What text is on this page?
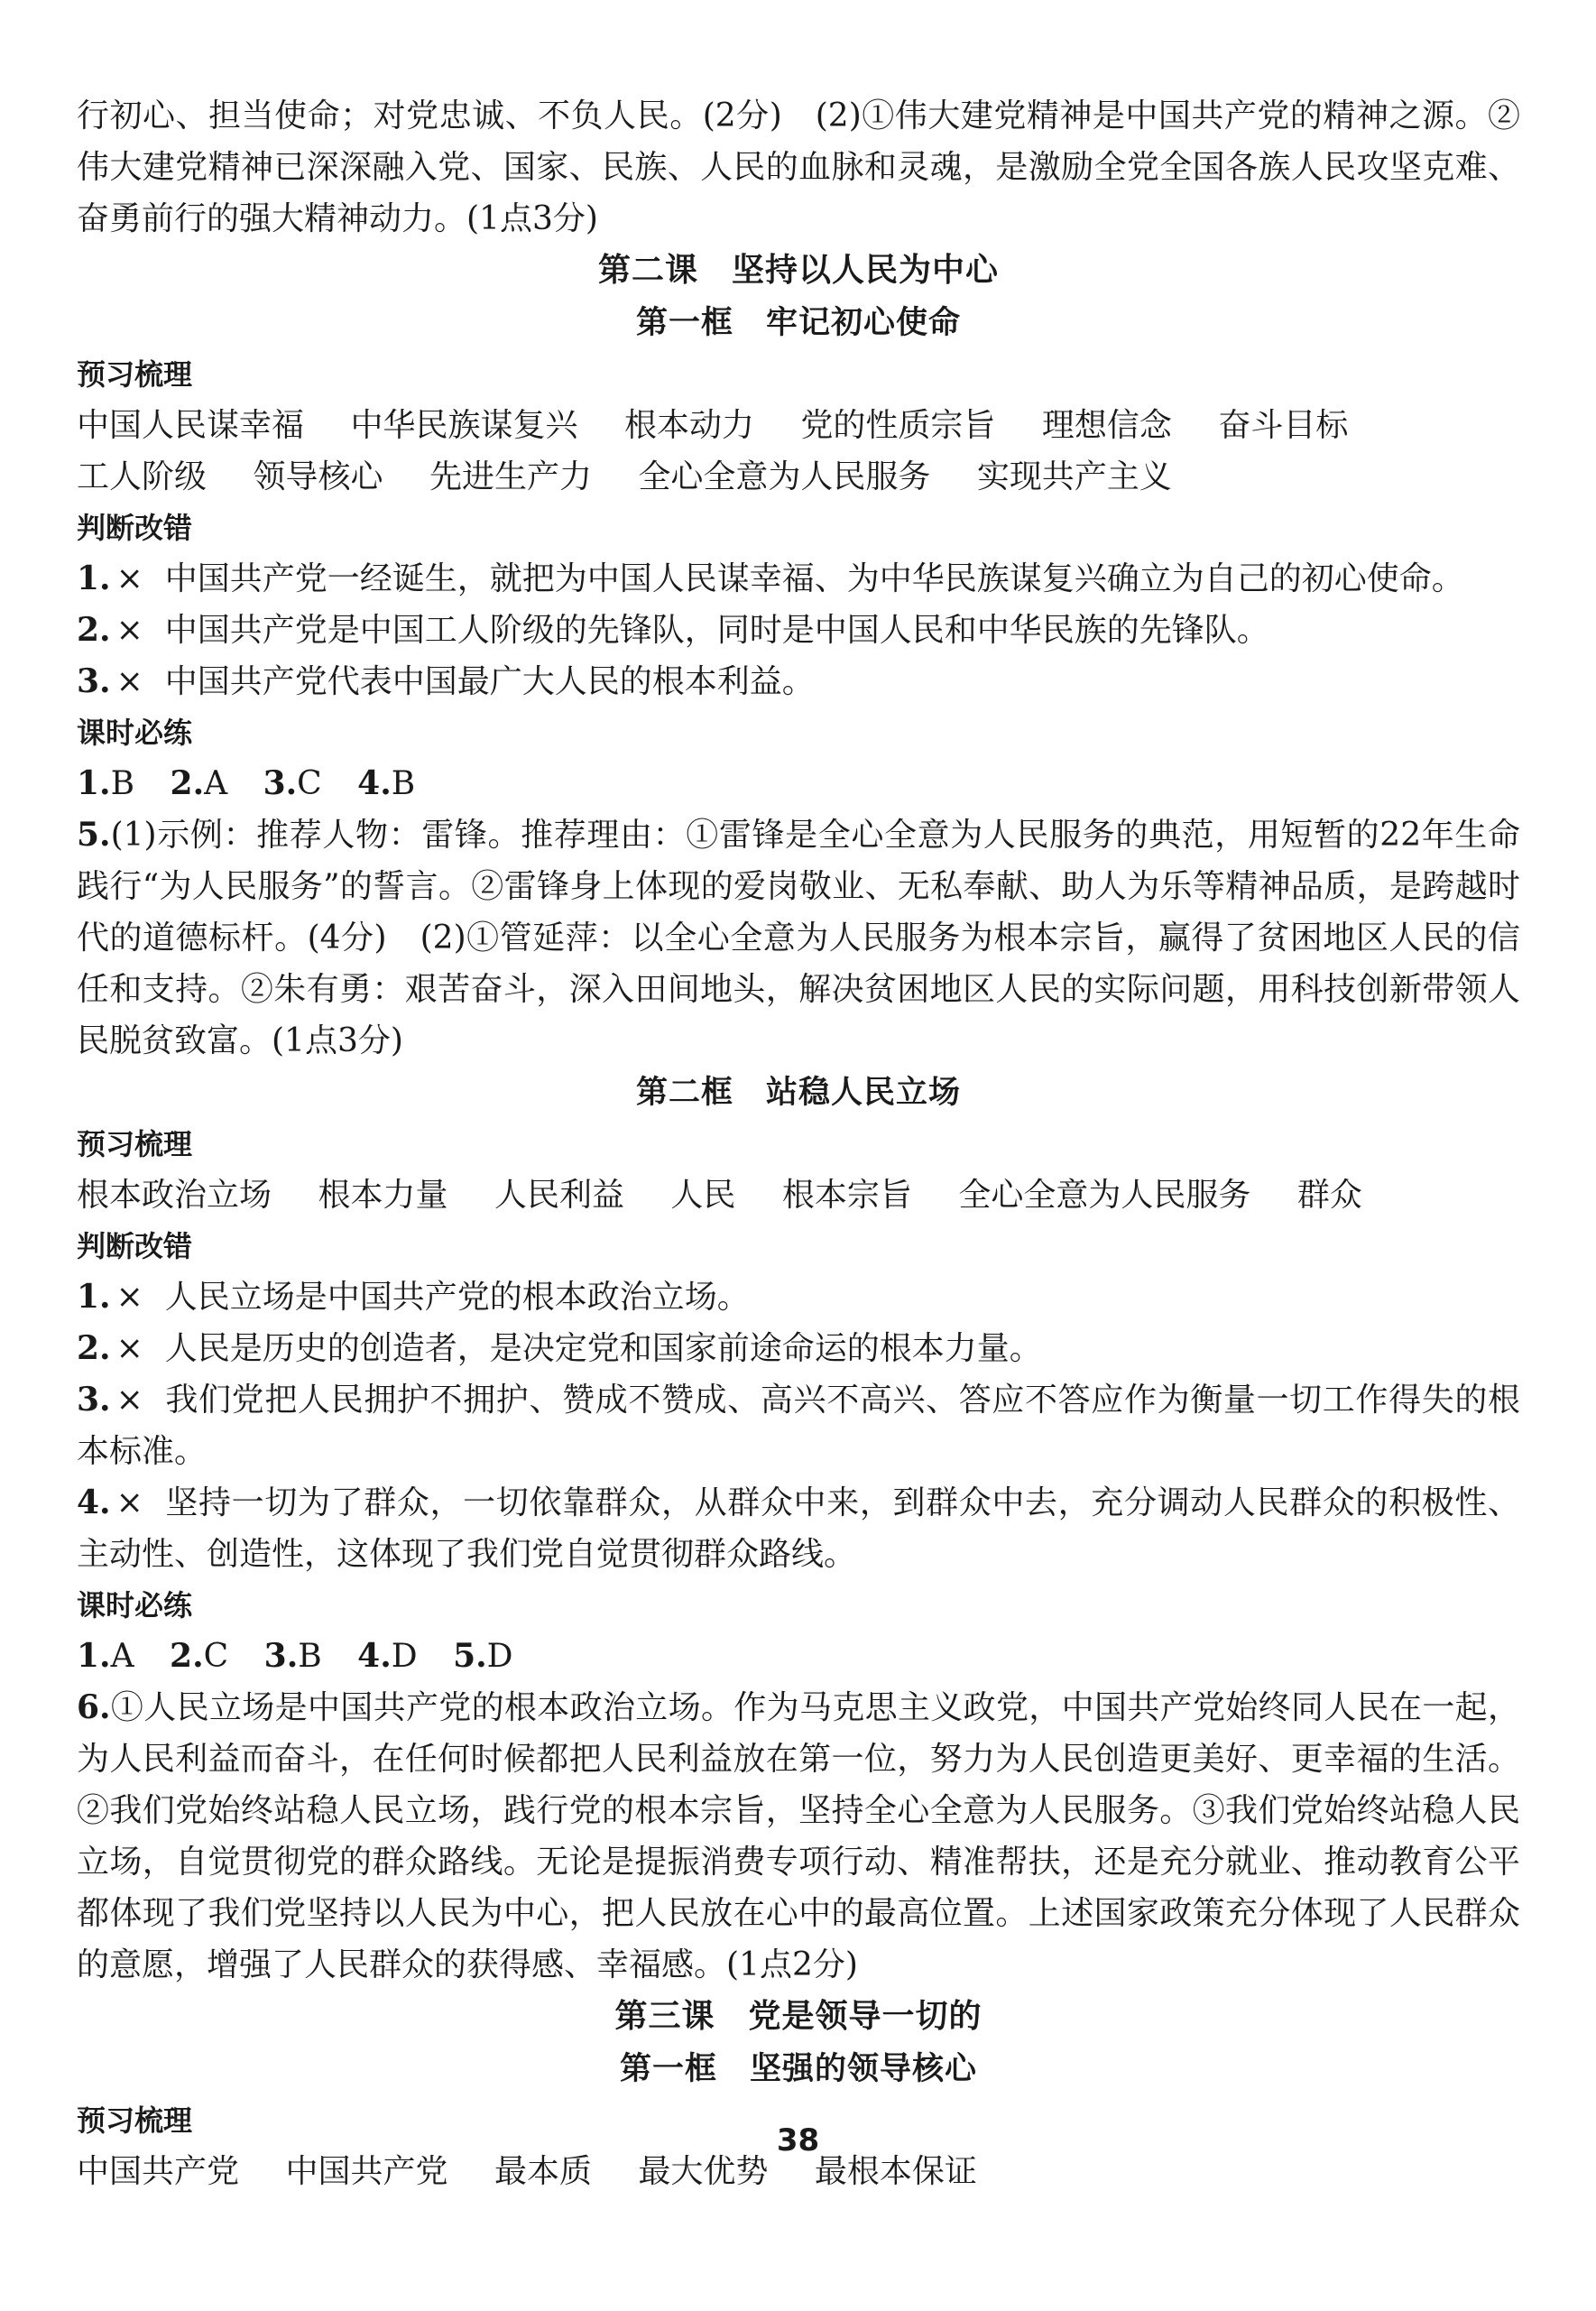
行初心、担当使命；对党忠诚、不负人民。(2分)　(2)①伟大建党精神是中国共产党的精神之源。②伟大建党精神已深深融入党、国家、民族、人民的血脉和灵魂，是激励全党全国各族人民攻坚克难、奋勇前行的强大精神动力。(1点3分)

第二课　坚持以人民为中心

第一框　牢记初心使命

预习梳理

中国人民谋幸福 中华民族谋复兴 根本动力 党的性质宗旨 理想信念 奋斗目标 工人阶级 领导核心 先进生产力 全心全意为人民服务 实现共产主义

判断改错

1. × 中国共产党一经诞生，就把为中国人民谋幸福、为中华民族谋复兴确立为自己的初心使命。

2. × 中国共产党是中国工人阶级的先锋队，同时是中国人民和中华民族的先锋队。

3. × 中国共产党代表中国最广大人民的根本利益。

课时必练

1.B 2.A 3.C 4.B

5.(1)示例：推荐人物：雷锋。推荐理由：①雷锋是全心全意为人民服务的典范，用短暂的22年生命践行“为人民服务”的誓言。②雷锋身上体现的爱岗敬业、无私奉献、助人为乐等精神品质，是跨越时代的道德标杆。(4分)　(2)①管延萍：以全心全意为人民服务为根本宗旨，赢得了贫困地区人民的信任和支持。②朱有勇：艰苦奋斗，深入田间地头，解决贫困地区人民的实际问题，用科技创新带领人民脱贫致富。(1点3分)

第二框　站稳人民立场

预习梳理

根本政治立场 根本力量 人民利益 人民 根本宗旨 全心全意为人民服务 群众

判断改错

1. × 人民立场是中国共产党的根本政治立场。

2. × 人民是历史的创造者，是决定党和国家前途命运的根本力量。

3. × 我们党把人民拥护不拥护、赞成不赞成、高兴不高兴、答应不答应作为衡量一切工作得失的根本标准。

4. × 坚持一切为了群众，一切依靠群众，从群众中来，到群众中去，充分调动人民群众的积极性、主动性、创造性，这体现了我们党自觉贯彻群众路线。

课时必练

1.A 2.C 3.B 4.D 5.D

6.①人民立场是中国共产党的根本政治立场。作为马克思主义政党，中国共产党始终同人民在一起，为人民利益而奋斗，在任何时候都把人民利益放在第一位，努力为人民创造更美好、更幸福的生活。②我们党始终站稳人民立场，践行党的根本宗旨，坚持全心全意为人民服务。③我们党始终站稳人民立场，自觉贯彻党的群众路线。无论是提振消费专项行动、精准帮扶，还是充分就业、推动教育公平都体现了我们党坚持以人民为中心，把人民放在心中的最高位置。上述国家政策充分体现了人民群众的意愿，增强了人民群众的获得感、幸福感。(1点2分)

第三课　党是领导一切的

第一框　坚强的领导核心

预习梳理

中国共产党 中国共产党 最本质 最大优势 最根本保证

38
